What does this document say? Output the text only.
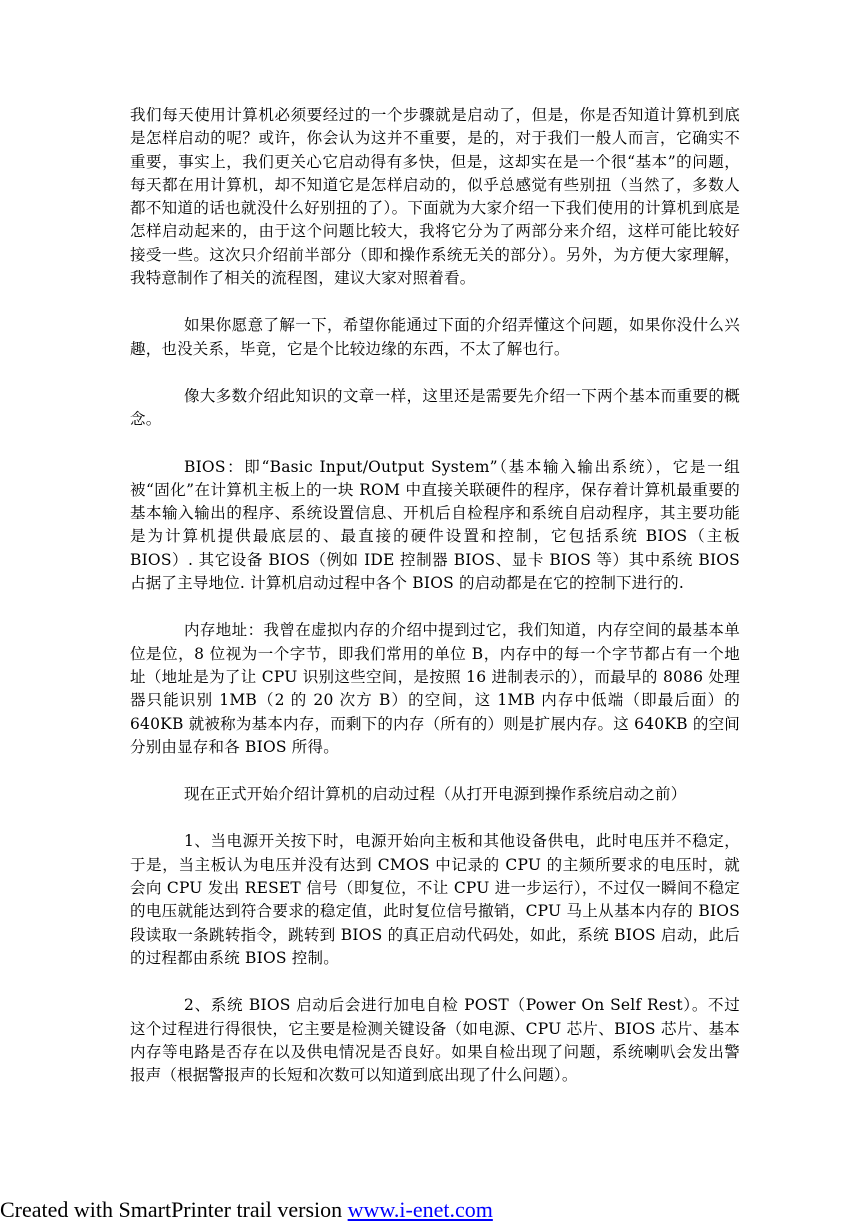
我们每天使用计算机必须要经过的一个步骤就是启动了，但是，你是否知道计算机到底是怎样启动的呢？或许，你会认为这并不重要，是的，对于我们一般人而言，它确实不重要，事实上，我们更关心它启动得有多快，但是，这却实在是一个很“基本”的问题，每天都在用计算机，却不知道它是怎样启动的，似乎总感觉有些别扭（当然了，多数人都不知道的话也就没什么好别扭的了）。下面就为大家介绍一下我们使用的计算机到底是怎样启动起来的，由于这个问题比较大，我将它分为了两部分来介绍，这样可能比较好接受一些。这次只介绍前半部分（即和操作系统无关的部分）。另外，为方便大家理解，我特意制作了相关的流程图，建议大家对照着看。

如果你愿意了解一下，希望你能通过下面的介绍弄懂这个问题，如果你没什么兴趣，也没关系，毕竟，它是个比较边缘的东西，不太了解也行。

像大多数介绍此知识的文章一样，这里还是需要先介绍一下两个基本而重要的概念。

BIOS：即“Basic Input/Output System”（基本输入输出系统），它是一组被“固化”在计算机主板上的一块 ROM 中直接关联硬件的程序，保存着计算机最重要的基本输入输出的程序、系统设置信息、开机后自检程序和系统自启动程序，其主要功能是为计算机提供最底层的、最直接的硬件设置和控制，它包括系统 BIOS（主板 BIOS）. 其它设备 BIOS（例如 IDE 控制器 BIOS、显卡 BIOS 等）其中系统 BIOS 占据了主导地位. 计算机启动过程中各个 BIOS 的启动都是在它的控制下进行的.

内存地址：我曾在虚拟内存的介绍中提到过它，我们知道，内存空间的最基本单位是位，8 位视为一个字节，即我们常用的单位 B，内存中的每一个字节都占有一个地址（地址是为了让 CPU 识别这些空间，是按照 16 进制表示的），而最早的 8086 处理器只能识别 1MB（2 的 20 次方 B）的空间，这 1MB 内存中低端（即最后面）的 640KB 就被称为基本内存，而剩下的内存（所有的）则是扩展内存。这 640KB 的空间分别由显存和各 BIOS 所得。

现在正式开始介绍计算机的启动过程（从打开电源到操作系统启动之前）

1、当电源开关按下时，电源开始向主板和其他设备供电，此时电压并不稳定，于是，当主板认为电压并没有达到 CMOS 中记录的 CPU 的主频所要求的电压时，就会向 CPU 发出 RESET 信号（即复位，不让 CPU 进一步运行），不过仅一瞬间不稳定的电压就能达到符合要求的稳定值，此时复位信号撤销，CPU 马上从基本内存的 BIOS 段读取一条跳转指令，跳转到 BIOS 的真正启动代码处，如此，系统 BIOS 启动，此后的过程都由系统 BIOS 控制。

2、系统 BIOS 启动后会进行加电自检 POST（Power On Self Rest）。不过这个过程进行得很快，它主要是检测关键设备（如电源、CPU 芯片、BIOS 芯片、基本内存等电路是否存在以及供电情况是否良好。如果自检出现了问题，系统喇叭会发出警报声（根据警报声的长短和次数可以知道到底出现了什么问题）。

Created with SmartPrinter trail version www.i-enet.com
